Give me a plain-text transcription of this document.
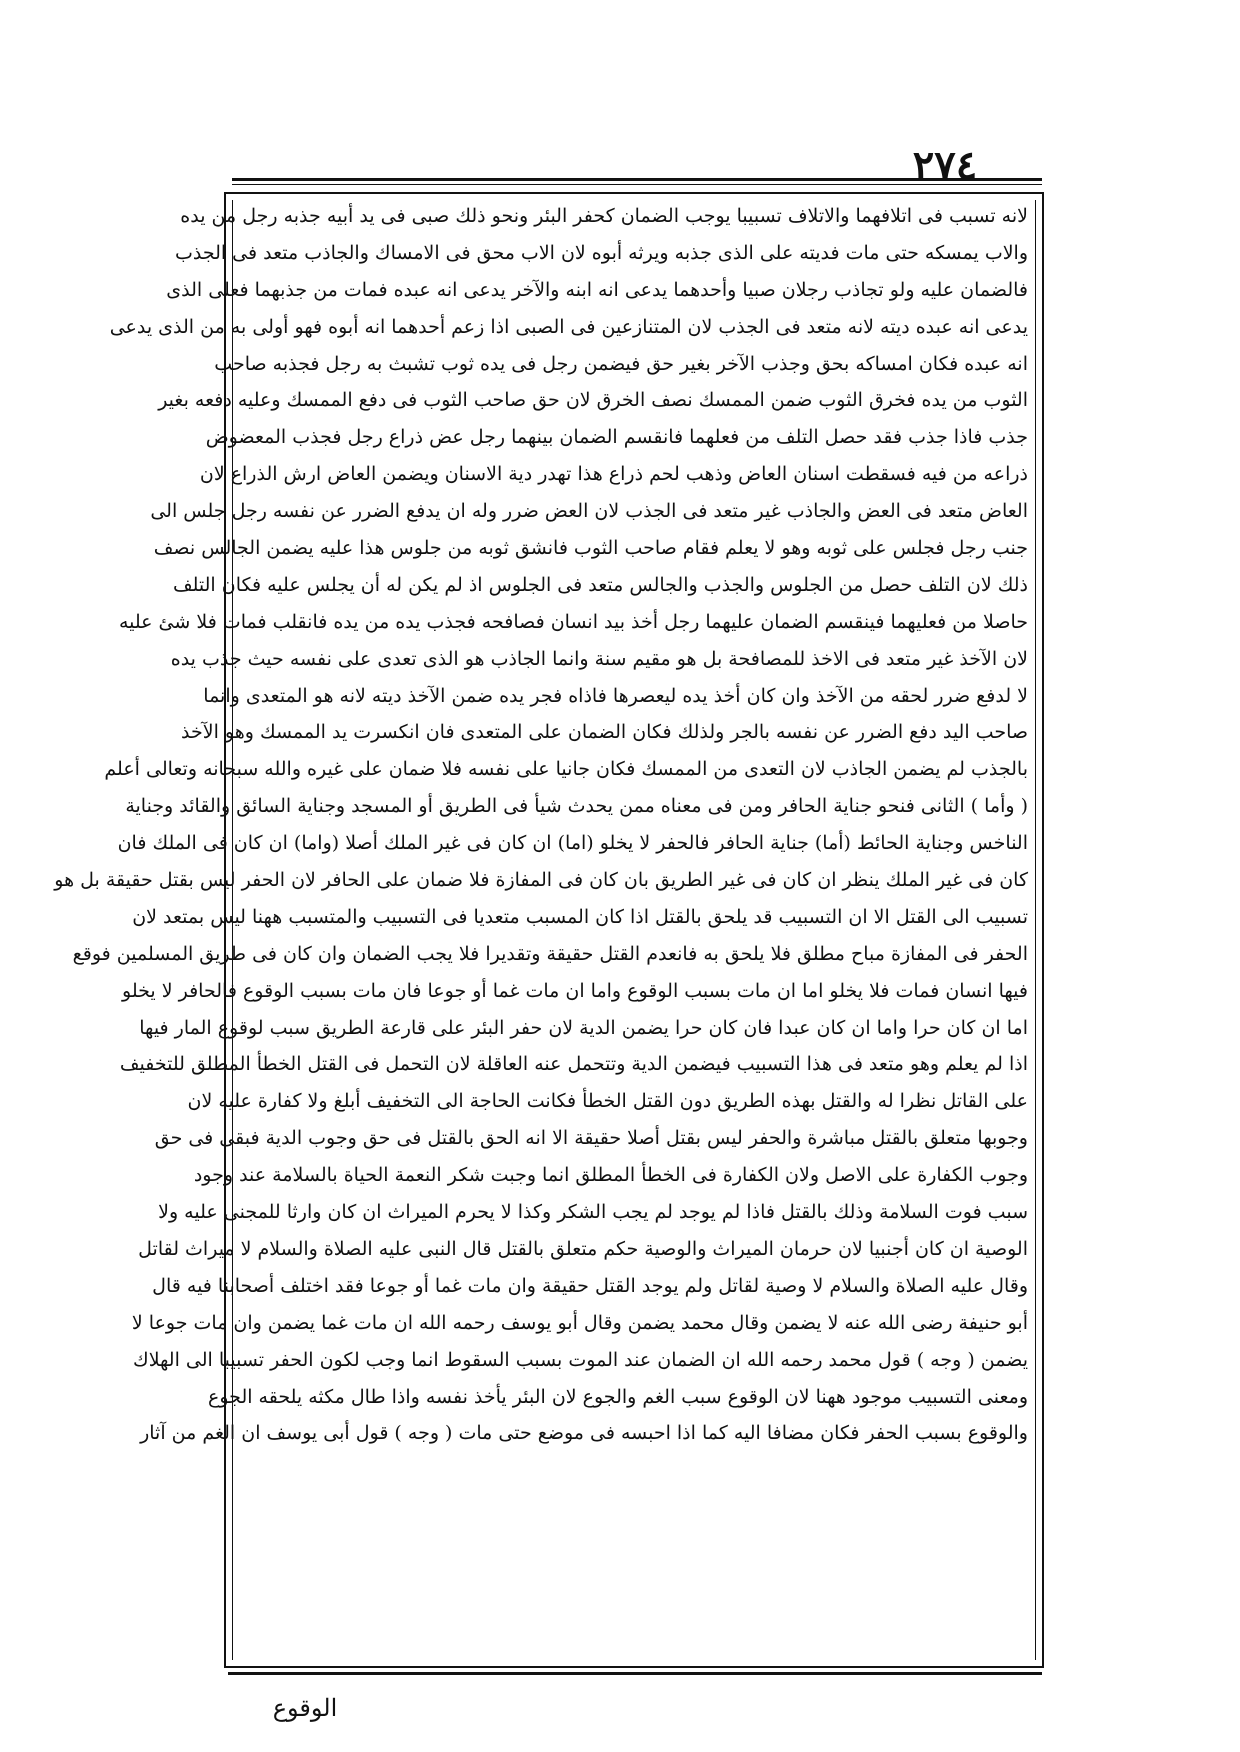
٢٧٤
لانه تسبب فى اتلافهما والاتلاف تسبيبا يوجب الضمان كحفر البئر ونحو ذلك صبى فى يد أبيه جذبه رجل من يده
والاب يمسكه حتى مات فديته على الذى جذبه ويرثه أبوه لان الاب محق فى الامساك والجاذب متعد فى الجذب
فالضمان عليه ولو تجاذب رجلان صبيا وأحدهما يدعى انه ابنه والآخر يدعى انه عبده فمات من جذبهما فعلى الذى
يدعى انه عبده ديته لانه متعد فى الجذب لان المتنازعين فى الصبى اذا زعم أحدهما انه أبوه فهو أولى به من الذى يدعى
انه عبده فكان امساكه بحق وجذب الآخر بغير حق فيضمن رجل فى يده ثوب تشبث به رجل فجذبه صاحب
الثوب من يده فخرق الثوب ضمن الممسك نصف الخرق لان حق صاحب الثوب فى دفع الممسك وعليه دفعه بغير
جذب فاذا جذب فقد حصل التلف من فعلهما فانقسم الضمان بينهما رجل عض ذراع رجل فجذب المعضوض
ذراعه من فيه فسقطت اسنان العاض وذهب لحم ذراع هذا تهدر دية الاسنان ويضمن العاض ارش الذراع لان
العاض متعد فى العض والجاذب غير متعد فى الجذب لان العض ضرر وله ان يدفع الضرر عن نفسه رجل جلس الى
جنب رجل فجلس على ثوبه وهو لا يعلم فقام صاحب الثوب فانشق ثوبه من جلوس هذا عليه يضمن الجالس نصف
ذلك لان التلف حصل من الجلوس والجذب والجالس متعد فى الجلوس اذ لم يكن له أن يجلس عليه فكان التلف
حاصلا من فعليهما فينقسم الضمان عليهما رجل أخذ بيد انسان فصافحه فجذب يده من يده فانقلب فمات فلا شئ عليه
لان الآخذ غير متعد فى الاخذ للمصافحة بل هو مقيم سنة وانما الجاذب هو الذى تعدى على نفسه حيث جذب يده
لا لدفع ضرر لحقه من الآخذ وان كان أخذ يده ليعصرها فاذاه فجر يده ضمن الآخذ ديته لانه هو المتعدى وانما
صاحب اليد دفع الضرر عن نفسه بالجر ولذلك فكان الضمان على المتعدى فان انكسرت يد الممسك وهو الآخذ
بالجذب لم يضمن الجاذب لان التعدى من الممسك فكان جانيا على نفسه فلا ضمان على غيره والله سبحانه وتعالى أعلم
( وأما ) الثانى فنحو جناية الحافر ومن فى معناه ممن يحدث شيأ فى الطريق أو المسجد وجناية السائق والقائد وجناية
الناخس وجناية الحائط (أما) جناية الحافر فالحفر لا يخلو (اما) ان كان فى غير الملك أصلا (واما) ان كان فى الملك فان
كان فى غير الملك ينظر ان كان فى غير الطريق بان كان فى المفازة فلا ضمان على الحافر لان الحفر ليس بقتل حقيقة بل هو
تسبيب الى القتل الا ان التسبيب قد يلحق بالقتل اذا كان المسبب متعديا فى التسبيب والمتسبب ههنا ليس بمتعد لان
الحفر فى المفازة مباح مطلق فلا يلحق به فانعدم القتل حقيقة وتقديرا فلا يجب الضمان وان كان فى طريق المسلمين فوقع
فيها انسان فمات فلا يخلو اما ان مات بسبب الوقوع واما ان مات غما أو جوعا فان مات بسبب الوقوع فالحافر لا يخلو
اما ان كان حرا واما ان كان عبدا فان كان حرا يضمن الدية لان حفر البئر على قارعة الطريق سبب لوقوع المار فيها
اذا لم يعلم وهو متعد فى هذا التسبيب فيضمن الدية وتتحمل عنه العاقلة لان التحمل فى القتل الخطأ المطلق للتخفيف
على القاتل نظرا له والقتل بهذه الطريق دون القتل الخطأ فكانت الحاجة الى التخفيف أبلغ ولا كفارة عليه لان
وجوبها متعلق بالقتل مباشرة والحفر ليس بقتل أصلا حقيقة الا انه الحق بالقتل فى حق وجوب الدية فبقى فى حق
وجوب الكفارة على الاصل ولان الكفارة فى الخطأ المطلق انما وجبت شكر النعمة الحياة بالسلامة عند وجود
سبب فوت السلامة وذلك بالقتل فاذا لم يوجد لم يجب الشكر وكذا لا يحرم الميراث ان كان وارثا للمجنى عليه ولا
الوصية ان كان أجنبيا لان حرمان الميراث والوصية حكم متعلق بالقتل قال النبى عليه الصلاة والسلام لا ميراث لقاتل
وقال عليه الصلاة والسلام لا وصية لقاتل ولم يوجد القتل حقيقة وان مات غما أو جوعا فقد اختلف أصحابنا فيه قال
أبو حنيفة رضى الله عنه لا يضمن وقال محمد يضمن وقال أبو يوسف رحمه الله ان مات غما يضمن وان مات جوعا لا
يضمن ( وجه ) قول محمد رحمه الله ان الضمان عند الموت بسبب السقوط انما وجب لكون الحفر تسبيبا الى الهلاك
ومعنى التسبيب موجود ههنا لان الوقوع سبب الغم والجوع لان البئر يأخذ نفسه واذا طال مكثه يلحقه الجوع
والوقوع بسبب الحفر فكان مضافا اليه كما اذا احبسه فى موضع حتى مات ( وجه ) قول أبى يوسف ان الغم من آثار
الوقوع
